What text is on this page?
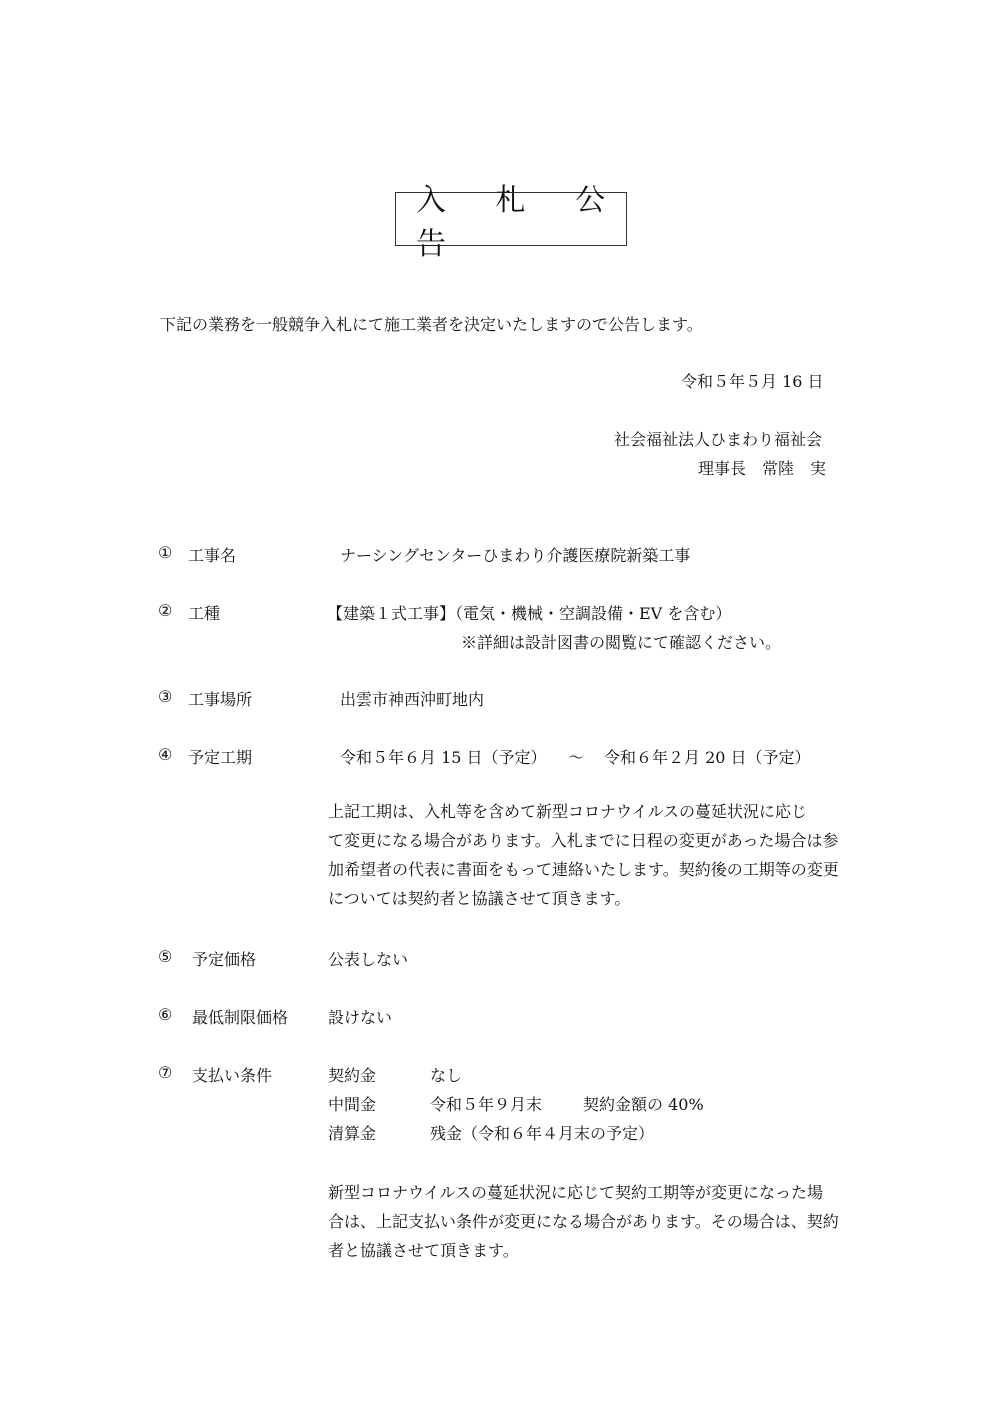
入 札 公 告
下記の業務を一般競争入札にて施工業者を決定いたしますので公告します。
令和５年５月 16 日
社会福祉法人ひまわり福祉会
理事長　常陸　実
① 工事名	ナーシングセンターひまわり介護医療院新築工事
② 工種	【建築１式工事】（電気・機械・空調設備・EV を含む）
※詳細は設計図書の閲覧にて確認ください。
③ 工事場所	出雲市神西沖町地内
④ 予定工期	令和５年６月 15 日（予定） ～ 令和６年２月 20 日（予定）
上記工期は、入札等を含めて新型コロナウイルスの蔓延状況に応じ
て変更になる場合があります。入札までに日程の変更があった場合は参
加希望者の代表に書面をもって連絡いたします。契約後の工期等の変更
については契約者と協議させて頂きます。
⑤ 予定価格	公表しない
⑥ 最低制限価格 設けない
⑦ 支払い条件	契約金	なし
中間金	令和５年９月末	契約金額の 40%
清算金	残金（令和６年４月末の予定）
新型コロナウイルスの蔓延状況に応じて契約工期等が変更になった場
合は、上記支払い条件が変更になる場合があります。その場合は、契約
者と協議させて頂きます。
